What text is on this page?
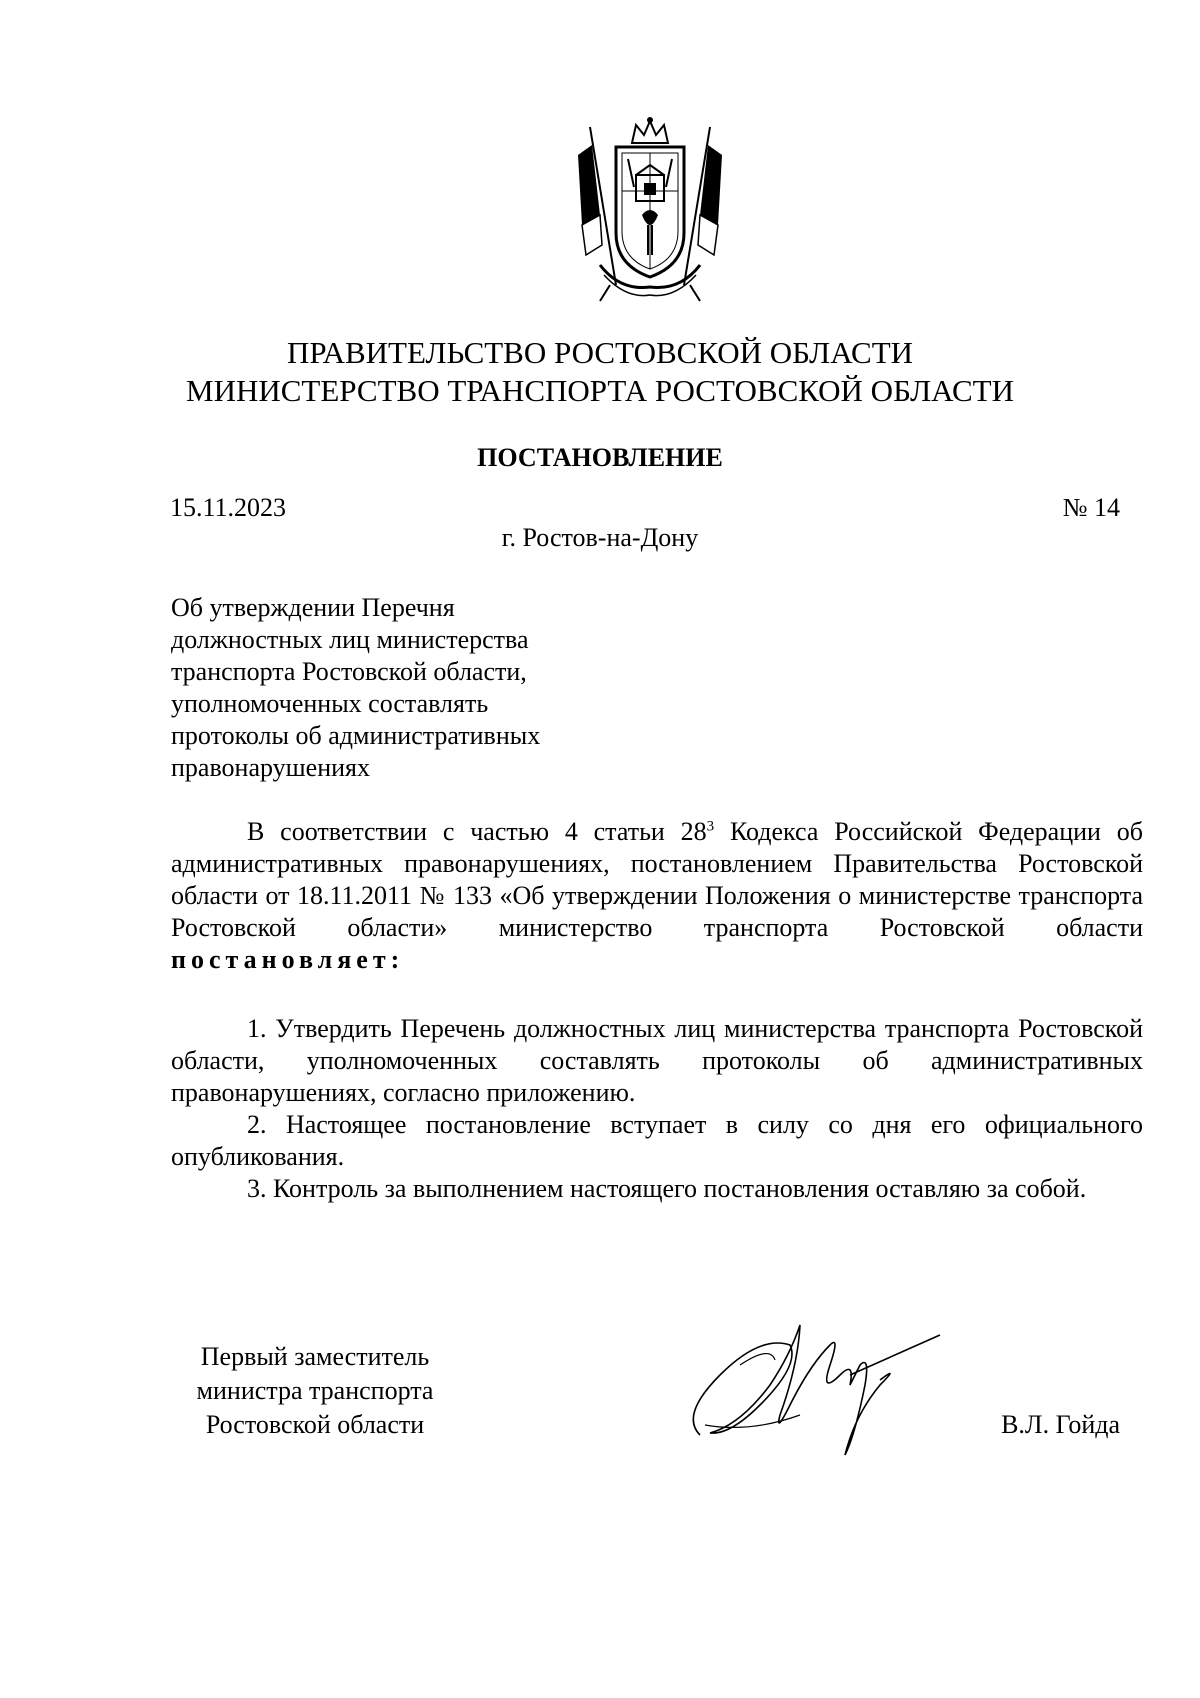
ПРАВИТЕЛЬСТВО РОСТОВСКОЙ ОБЛАСТИ
МИНИСТЕРСТВО ТРАНСПОРТА РОСТОВСКОЙ ОБЛАСТИ
ПОСТАНОВЛЕНИЕ
15.11.2023	№ 14
г. Ростов-на-Дону
Об утверждении Перечня
должностных лиц министерства
транспорта Ростовской области,
уполномоченных составлять
протоколы об административных
правонарушениях

В соответствии с частью 4 статьи $28^3$ Кодекса Российской Федерации об административных правонарушениях, постановлением Правительства Ростовской области от 18.11.2011 № 133 «Об утверждении Положения о министерстве транспорта Ростовской области» министерство транспорта Ростовской области постановляет:

1. Утвердить Перечень должностных лиц министерства транспорта Ростовской области, уполномоченных составлять протоколы об административных правонарушениях, согласно приложению.

2. Настоящее постановление вступает в силу со дня его официального опубликования.

3. Контроль за выполнением настоящего постановления оставляю за собой.

Первый заместитель
министра транспорта
Ростовской области	В.Л. Гойда
